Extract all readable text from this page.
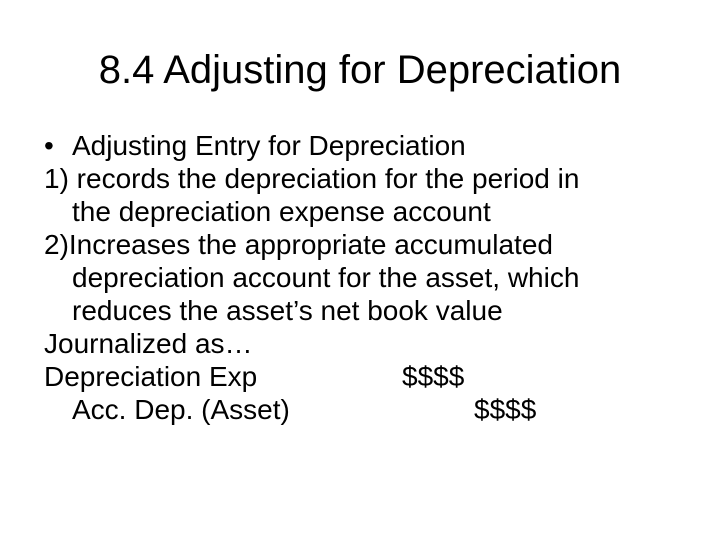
8.4 Adjusting for Depreciation
• Adjusting Entry for Depreciation
1) records the depreciation for the period in
the depreciation expense account
2)Increases the appropriate accumulated
depreciation account for the asset, which
reduces the asset’s net book value
Journalized as…
Depreciation Exp	$$$$
Acc. Dep. (Asset)	$$$$
